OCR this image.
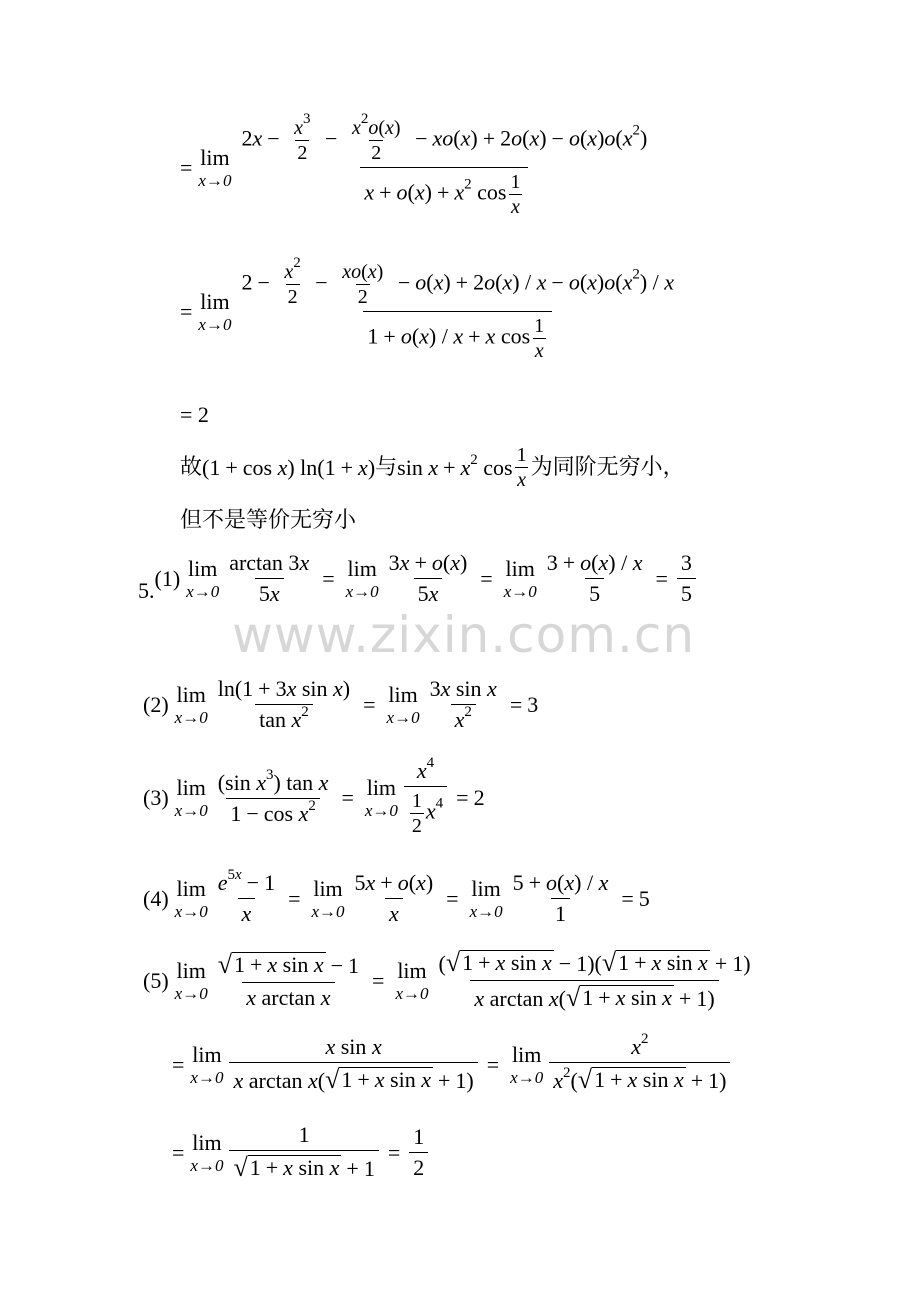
www.zixin.com.cn
= lim
x→0
$2x - \frac{x^3}{2} - \frac{x^2o(x)}{2} - xo(x) + 2o(x) - o(x)o(x^2)$
$x + o(x) + x^2$ $\cos \frac{1}{x}$
= lim
x→0
$2 - \frac{x^2}{2} - \frac{xo(x)}{2} - o(x) + 2o(x) / x - o(x)o(x^2) / x$
1 + o(x) / x + x $\cos \frac{1}{x}$
= 2
故 (1 + cos x) ln(1 + x) 与 $\sin x + x^2$ $\cos \frac{1}{x}$ 为同阶无穷小，
但不是等价无穷小
5. (1) lim
$x\to 0 \frac{\arctan 3x}{5x} = \lim$
$x\to 0 \frac{3x + o(x)}{5x} = \lim$
$x\to 0 \frac{3 + o(x) / x}{5} = \frac{3}{5}$
(2) lim
$x\to 0 \frac{\text{ln(1 + 3x sin x)}}{\tan x^2} = \lim$
$x\to 0 \frac{\text{3x sin x}}{x^2} = 3$
(3) lim
$x\to 0 \frac{(\sin x^3) \tan x}{1 - \cos x^2} = \lim$
$x\to 0 \frac{x^4}{\frac{1}{2} x^4} = 2$
(4) lim
$x\to 0 \frac{e^{5x} - 1}{x} = \lim$
$x\to 0 \frac{5x + o(x)}{x} = \lim$
$x\to 0 \frac{5 + o(x) / x}{1} = 5$
(5) lim
$x\to 0 \frac{\text{√ 1 + x sin x − 1}}{\text{x arctan x}} = \lim$
$x\to 0 \frac{\text{( √ 1 + x sin x − 1)( √ 1 + x sin x + 1)}}{\text{x arctan x( √ 1 + x sin x + 1)}}$
= lim
$x\to 0 \frac{\text{x sin x}}{\text{x arctan x( √ 1 + x sin x + 1)}} = \lim$
$x\to 0 \frac{x^2}{x^2( √ 1 + x \sin x + 1)}$
= lim
$x\to 0 \frac{1}{\text{√ 1 + x sin x + 1}} = \frac{1}{2}$
